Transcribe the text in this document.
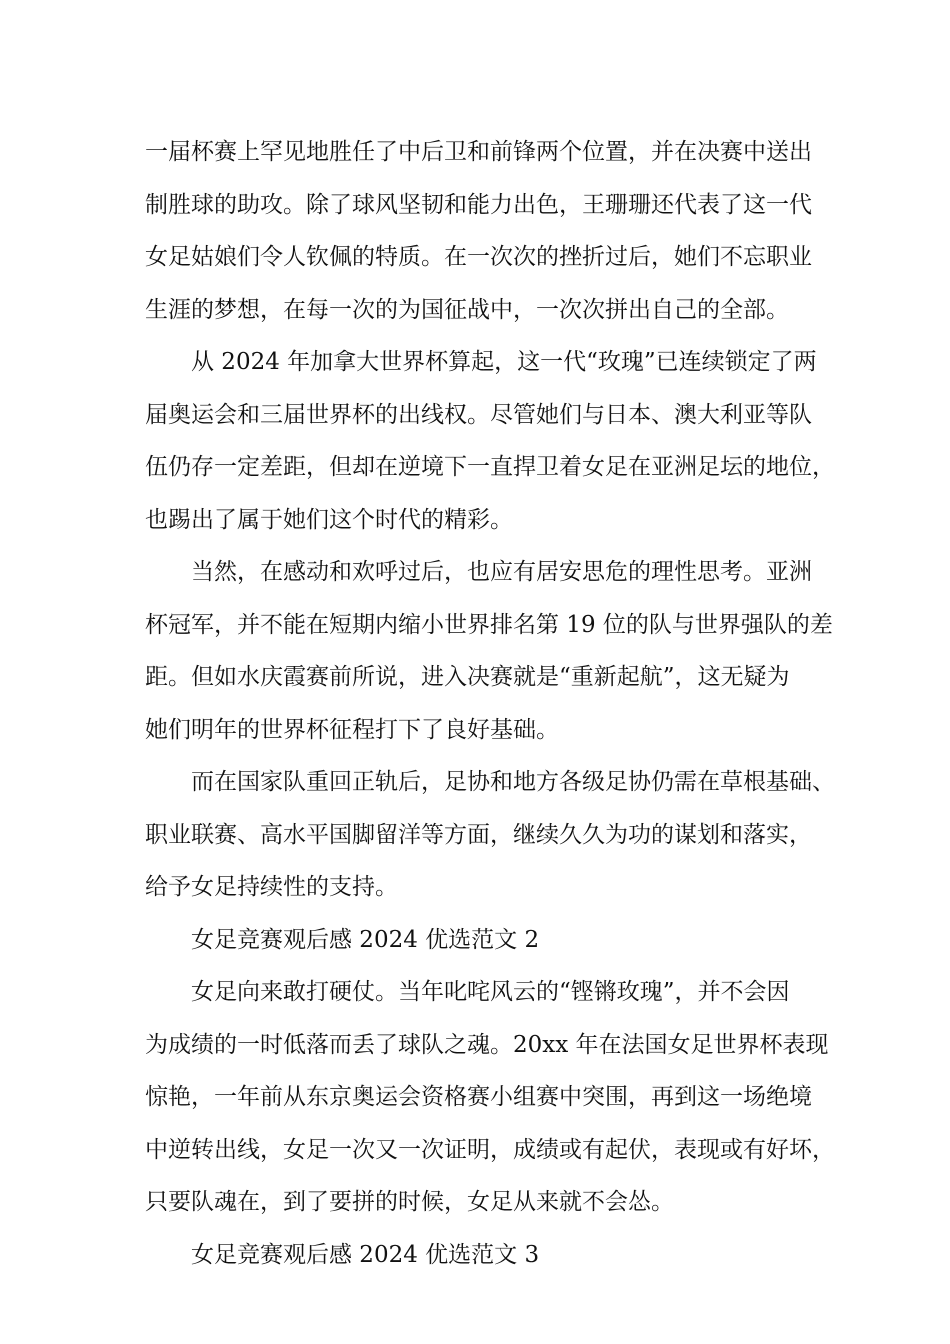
一届杯赛上罕见地胜任了中后卫和前锋两个位置，并在决赛中送出
制胜球的助攻。除了球风坚韧和能力出色，王珊珊还代表了这一代
女足姑娘们令人钦佩的特质。在一次次的挫折过后，她们不忘职业
生涯的梦想，在每一次的为国征战中，一次次拼出自己的全部。

从 2024 年加拿大世界杯算起，这一代“玫瑰”已连续锁定了两
届奥运会和三届世界杯的出线权。尽管她们与日本、澳大利亚等队
伍仍存一定差距，但却在逆境下一直捍卫着女足在亚洲足坛的地位，
也踢出了属于她们这个时代的精彩。

当然，在感动和欢呼过后，也应有居安思危的理性思考。亚洲
杯冠军，并不能在短期内缩小世界排名第 19 位的队与世界强队的差
距。但如水庆霞赛前所说，进入决赛就是“重新起航”，这无疑为
她们明年的世界杯征程打下了良好基础。

而在国家队重回正轨后，足协和地方各级足协仍需在草根基础、
职业联赛、高水平国脚留洋等方面，继续久久为功的谋划和落实，
给予女足持续性的支持。

女足竞赛观后感 2024 优选范文 2

女足向来敢打硬仗。当年叱咤风云的“铿锵玫瑰”，并不会因
为成绩的一时低落而丢了球队之魂。20xx 年在法国女足世界杯表现
惊艳，一年前从东京奥运会资格赛小组赛中突围，再到这一场绝境
中逆转出线，女足一次又一次证明，成绩或有起伏，表现或有好坏，
只要队魂在，到了要拼的时候，女足从来就不会怂。

女足竞赛观后感 2024 优选范文 3
